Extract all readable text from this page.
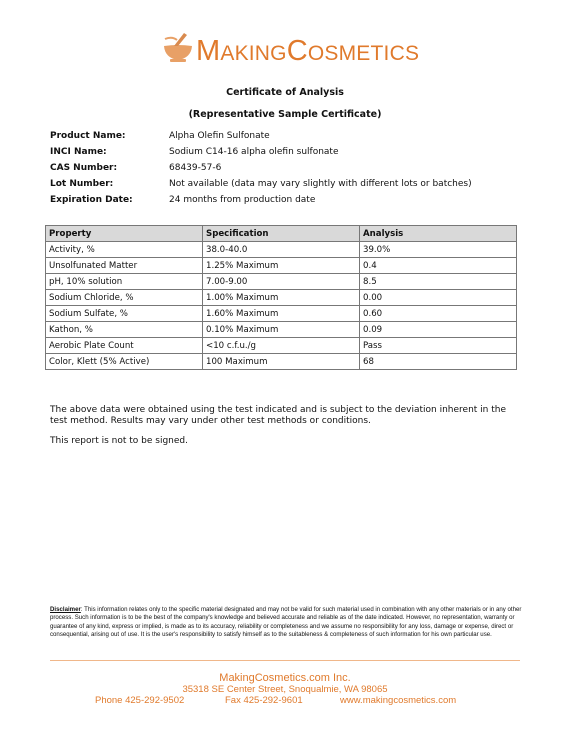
MAKINGCOSMETICS
Certificate of Analysis
(Representative Sample Certificate)
Product Name:	Alpha Olefin Sulfonate
INCI Name:	Sodium C14-16 alpha olefin sulfonate
CAS Number:	68439-57-6
Lot Number:	Not available (data may vary slightly with different lots or batches)
Expiration Date:	24 months from production date
Property	Specification	Analysis
Activity, %	38.0-40.0	39.0%
Unsolfunated Matter	1.25% Maximum	0.4
pH, 10% solution	7.00-9.00	8.5
Sodium Chloride, %	1.00% Maximum	0.00
Sodium Sulfate, %	1.60% Maximum	0.60
Kathon, %	0.10% Maximum	0.09
Aerobic Plate Count	<10 c.f.u./g	Pass
Color, Klett (5% Active)	100 Maximum	68
The above data were obtained using the test indicated and is subject to the deviation inherent in the test method. Results may vary under other test methods or conditions.
This report is not to be signed.
Disclaimer: This information relates only to the specific material designated and may not be valid for such material used in combination with any other materials or in any other process. Such information is to be the best of the company's knowledge and believed accurate and reliable as of the date indicated. However, no representation, warranty or guarantee of any kind, express or implied, is made as to its accuracy, reliability or completeness and we assume no responsibility for any loss, damage or expense, direct or consequential, arising out of use. It is the user's responsibility to satisfy himself as to the suitableness & completeness of such information for his own particular use.
MakingCosmetics.com Inc.
35318 SE Center Street, Snoqualmie, WA 98065
Phone 425-292-9502	Fax 425-292-9601	www.makingcosmetics.com
